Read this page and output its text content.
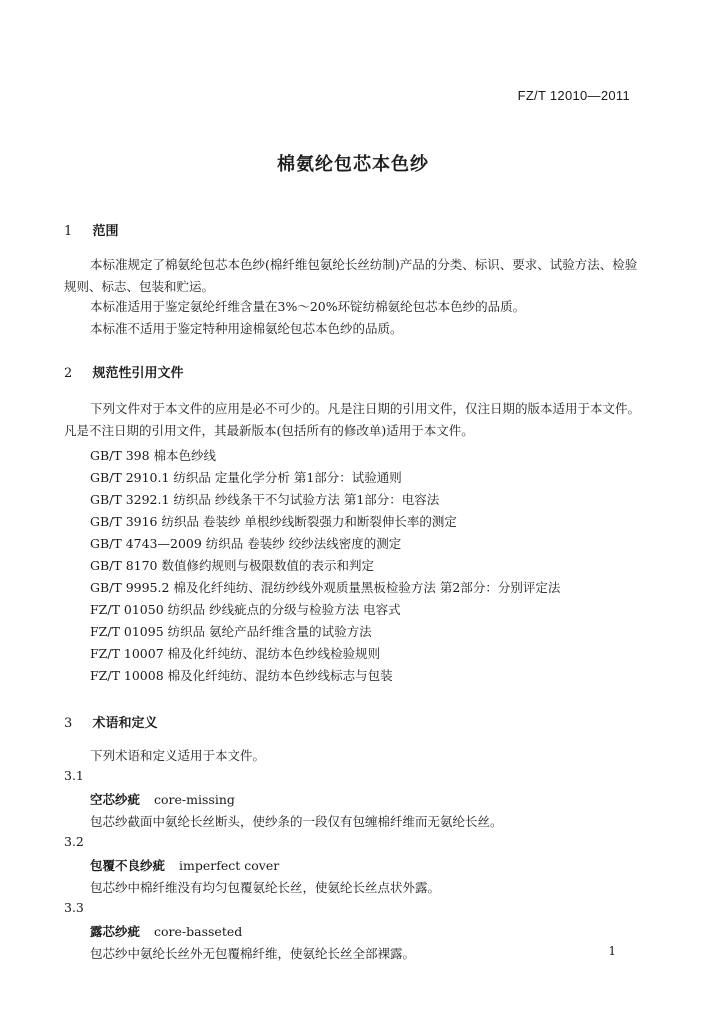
FZ/T 12010—2011
棉氨纶包芯本色纱
1 范围
本标准规定了棉氨纶包芯本色纱(棉纤维包氨纶长丝纺制)产品的分类、标识、要求、试验方法、检验规则、标志、包装和贮运。
本标准适用于鉴定氨纶纤维含量在3%～20%环锭纺棉氨纶包芯本色纱的品质。
本标准不适用于鉴定特种用途棉氨纶包芯本色纱的品质。
2 规范性引用文件
下列文件对于本文件的应用是必不可少的。凡是注日期的引用文件，仅注日期的版本适用于本文件。凡是不注日期的引用文件，其最新版本(包括所有的修改单)适用于本文件。
GB/T 398 棉本色纱线
GB/T 2910.1 纺织品 定量化学分析 第1部分：试验通则
GB/T 3292.1 纺织品 纱线条干不匀试验方法 第1部分：电容法
GB/T 3916 纺织品 卷装纱 单根纱线断裂强力和断裂伸长率的测定
GB/T 4743—2009 纺织品 卷装纱 绞纱法线密度的测定
GB/T 8170 数值修约规则与极限数值的表示和判定
GB/T 9995.2 棉及化纤纯纺、混纺纱线外观质量黑板检验方法 第2部分：分别评定法
FZ/T 01050 纺织品 纱线疵点的分级与检验方法 电容式
FZ/T 01095 纺织品 氨纶产品纤维含量的试验方法
FZ/T 10007 棉及化纤纯纺、混纺本色纱线检验规则
FZ/T 10008 棉及化纤纯纺、混纺本色纱线标志与包装
3 术语和定义
下列术语和定义适用于本文件。
3.1
空芯纱疵 core-missing
包芯纱截面中氨纶长丝断头，使纱条的一段仅有包缠棉纤维而无氨纶长丝。
3.2
包覆不良纱疵 imperfect cover
包芯纱中棉纤维没有均匀包覆氨纶长丝，使氨纶长丝点状外露。
3.3
露芯纱疵 core-basseted
包芯纱中氨纶长丝外无包覆棉纤维，使氨纶长丝全部裸露。	1
